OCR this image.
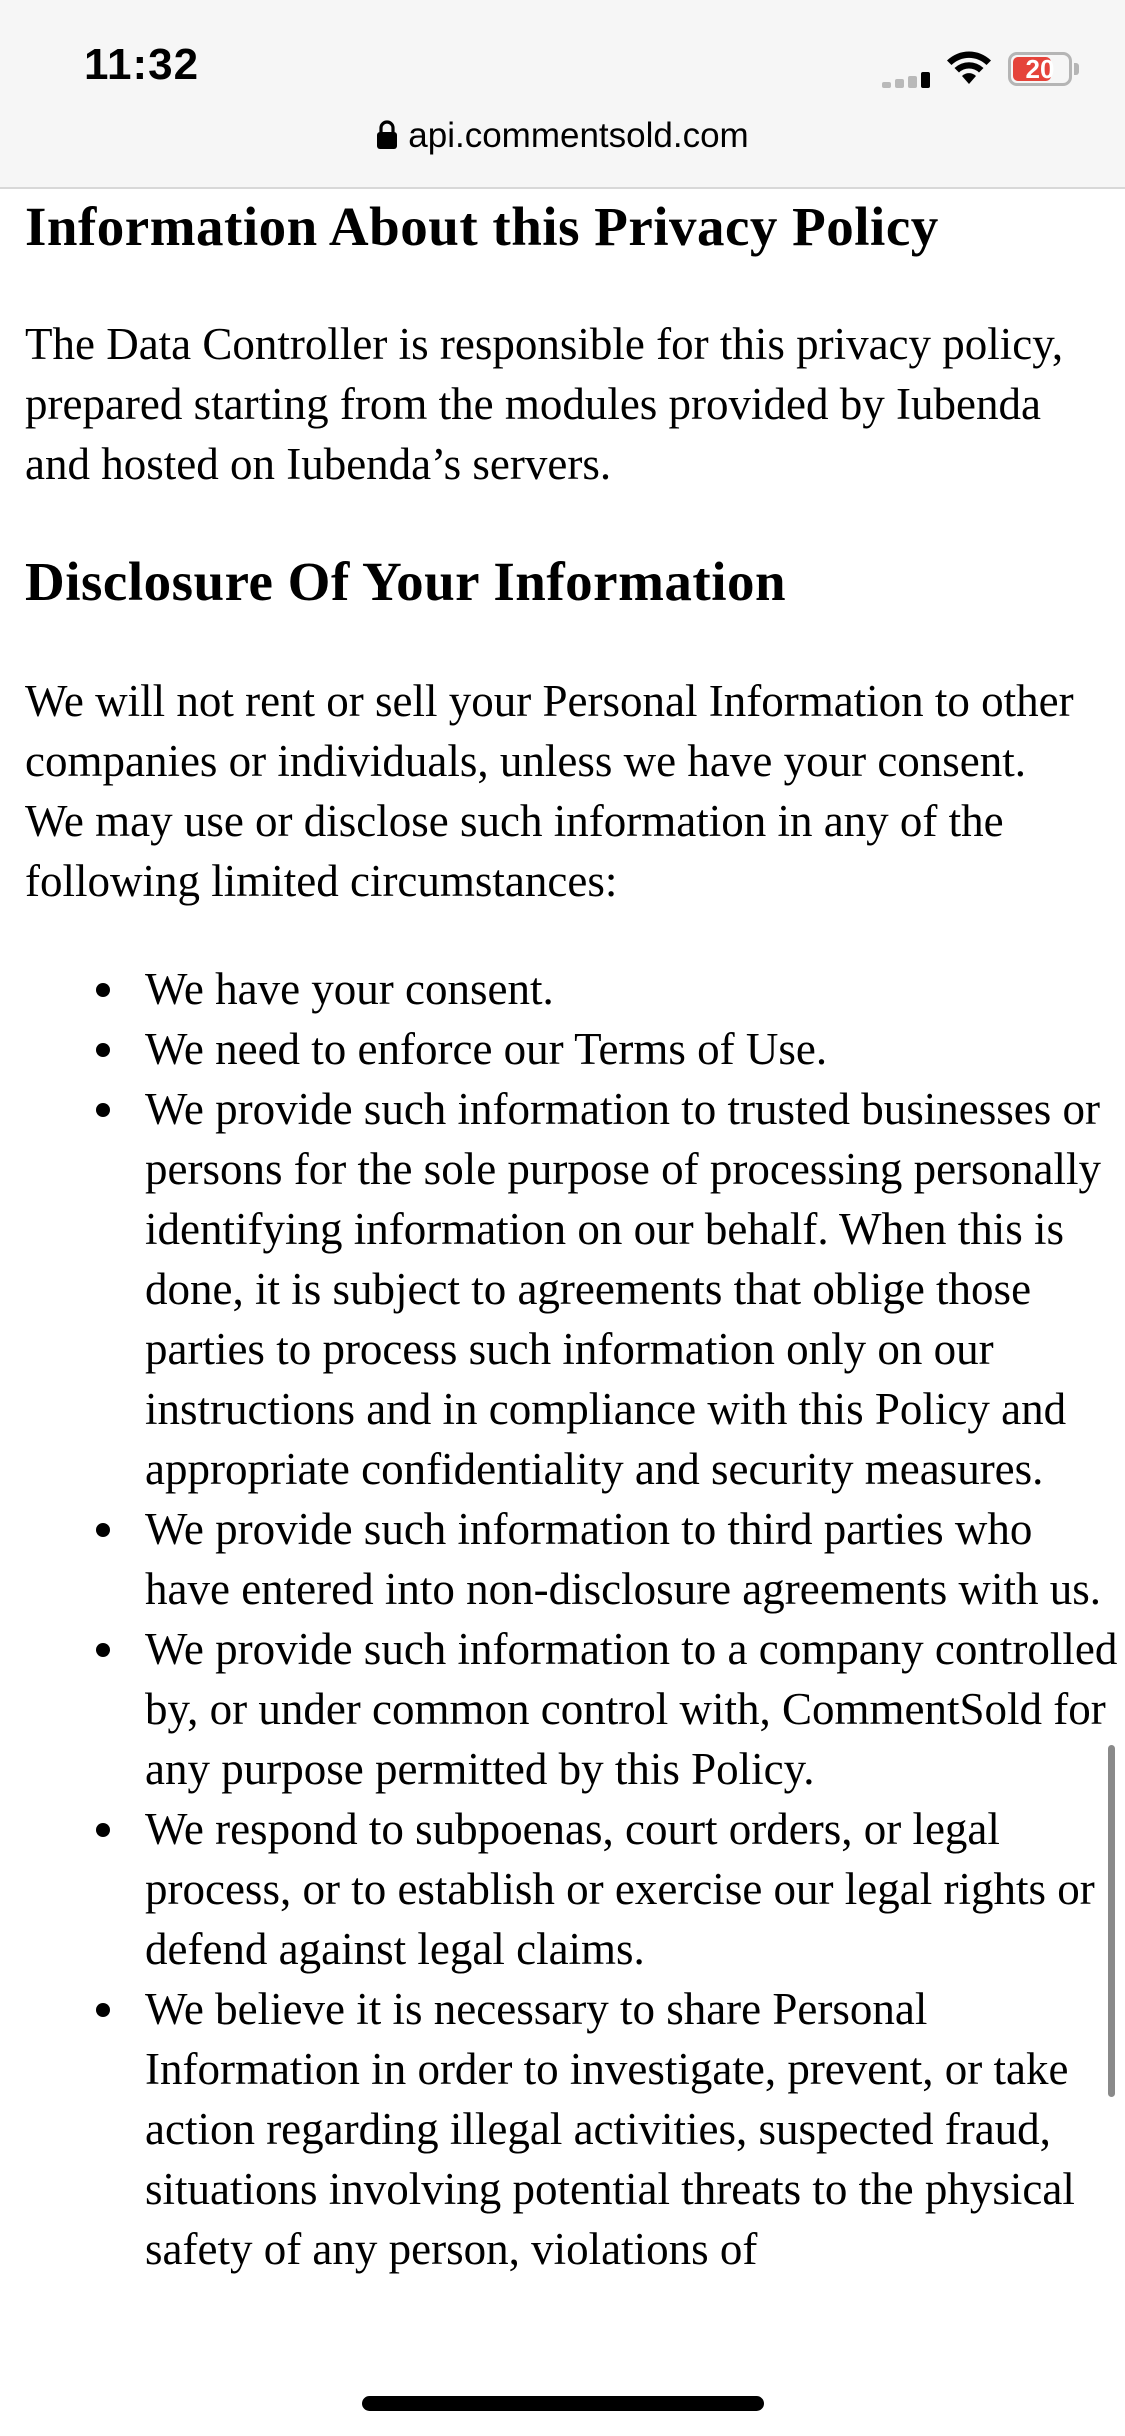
11:32	20
api.commentsold.com
Information About this Privacy Policy

The Data Controller is responsible for this privacy policy, prepared starting from the modules provided by Iubenda and hosted on Iubenda’s servers.

Disclosure Of Your Information

We will not rent or sell your Personal Information to other companies or individuals, unless we have your consent. We may use or disclose such information in any of the following limited circumstances:

We have your consent.
We need to enforce our Terms of Use.
We provide such information to trusted businesses or persons for the sole purpose of processing personally identifying information on our behalf. When this is done, it is subject to agreements that oblige those parties to process such information only on our instructions and in compliance with this Policy and appropriate confidentiality and security measures.
We provide such information to third parties who have entered into non-disclosure agreements with us.
We provide such information to a company controlled by, or under common control with, CommentSold for any purpose permitted by this Policy.
We respond to subpoenas, court orders, or legal process, or to establish or exercise our legal rights or defend against legal claims.
We believe it is necessary to share Personal Information in order to investigate, prevent, or take action regarding illegal activities, suspected fraud, situations involving potential threats to the physical safety of any person, violations of
